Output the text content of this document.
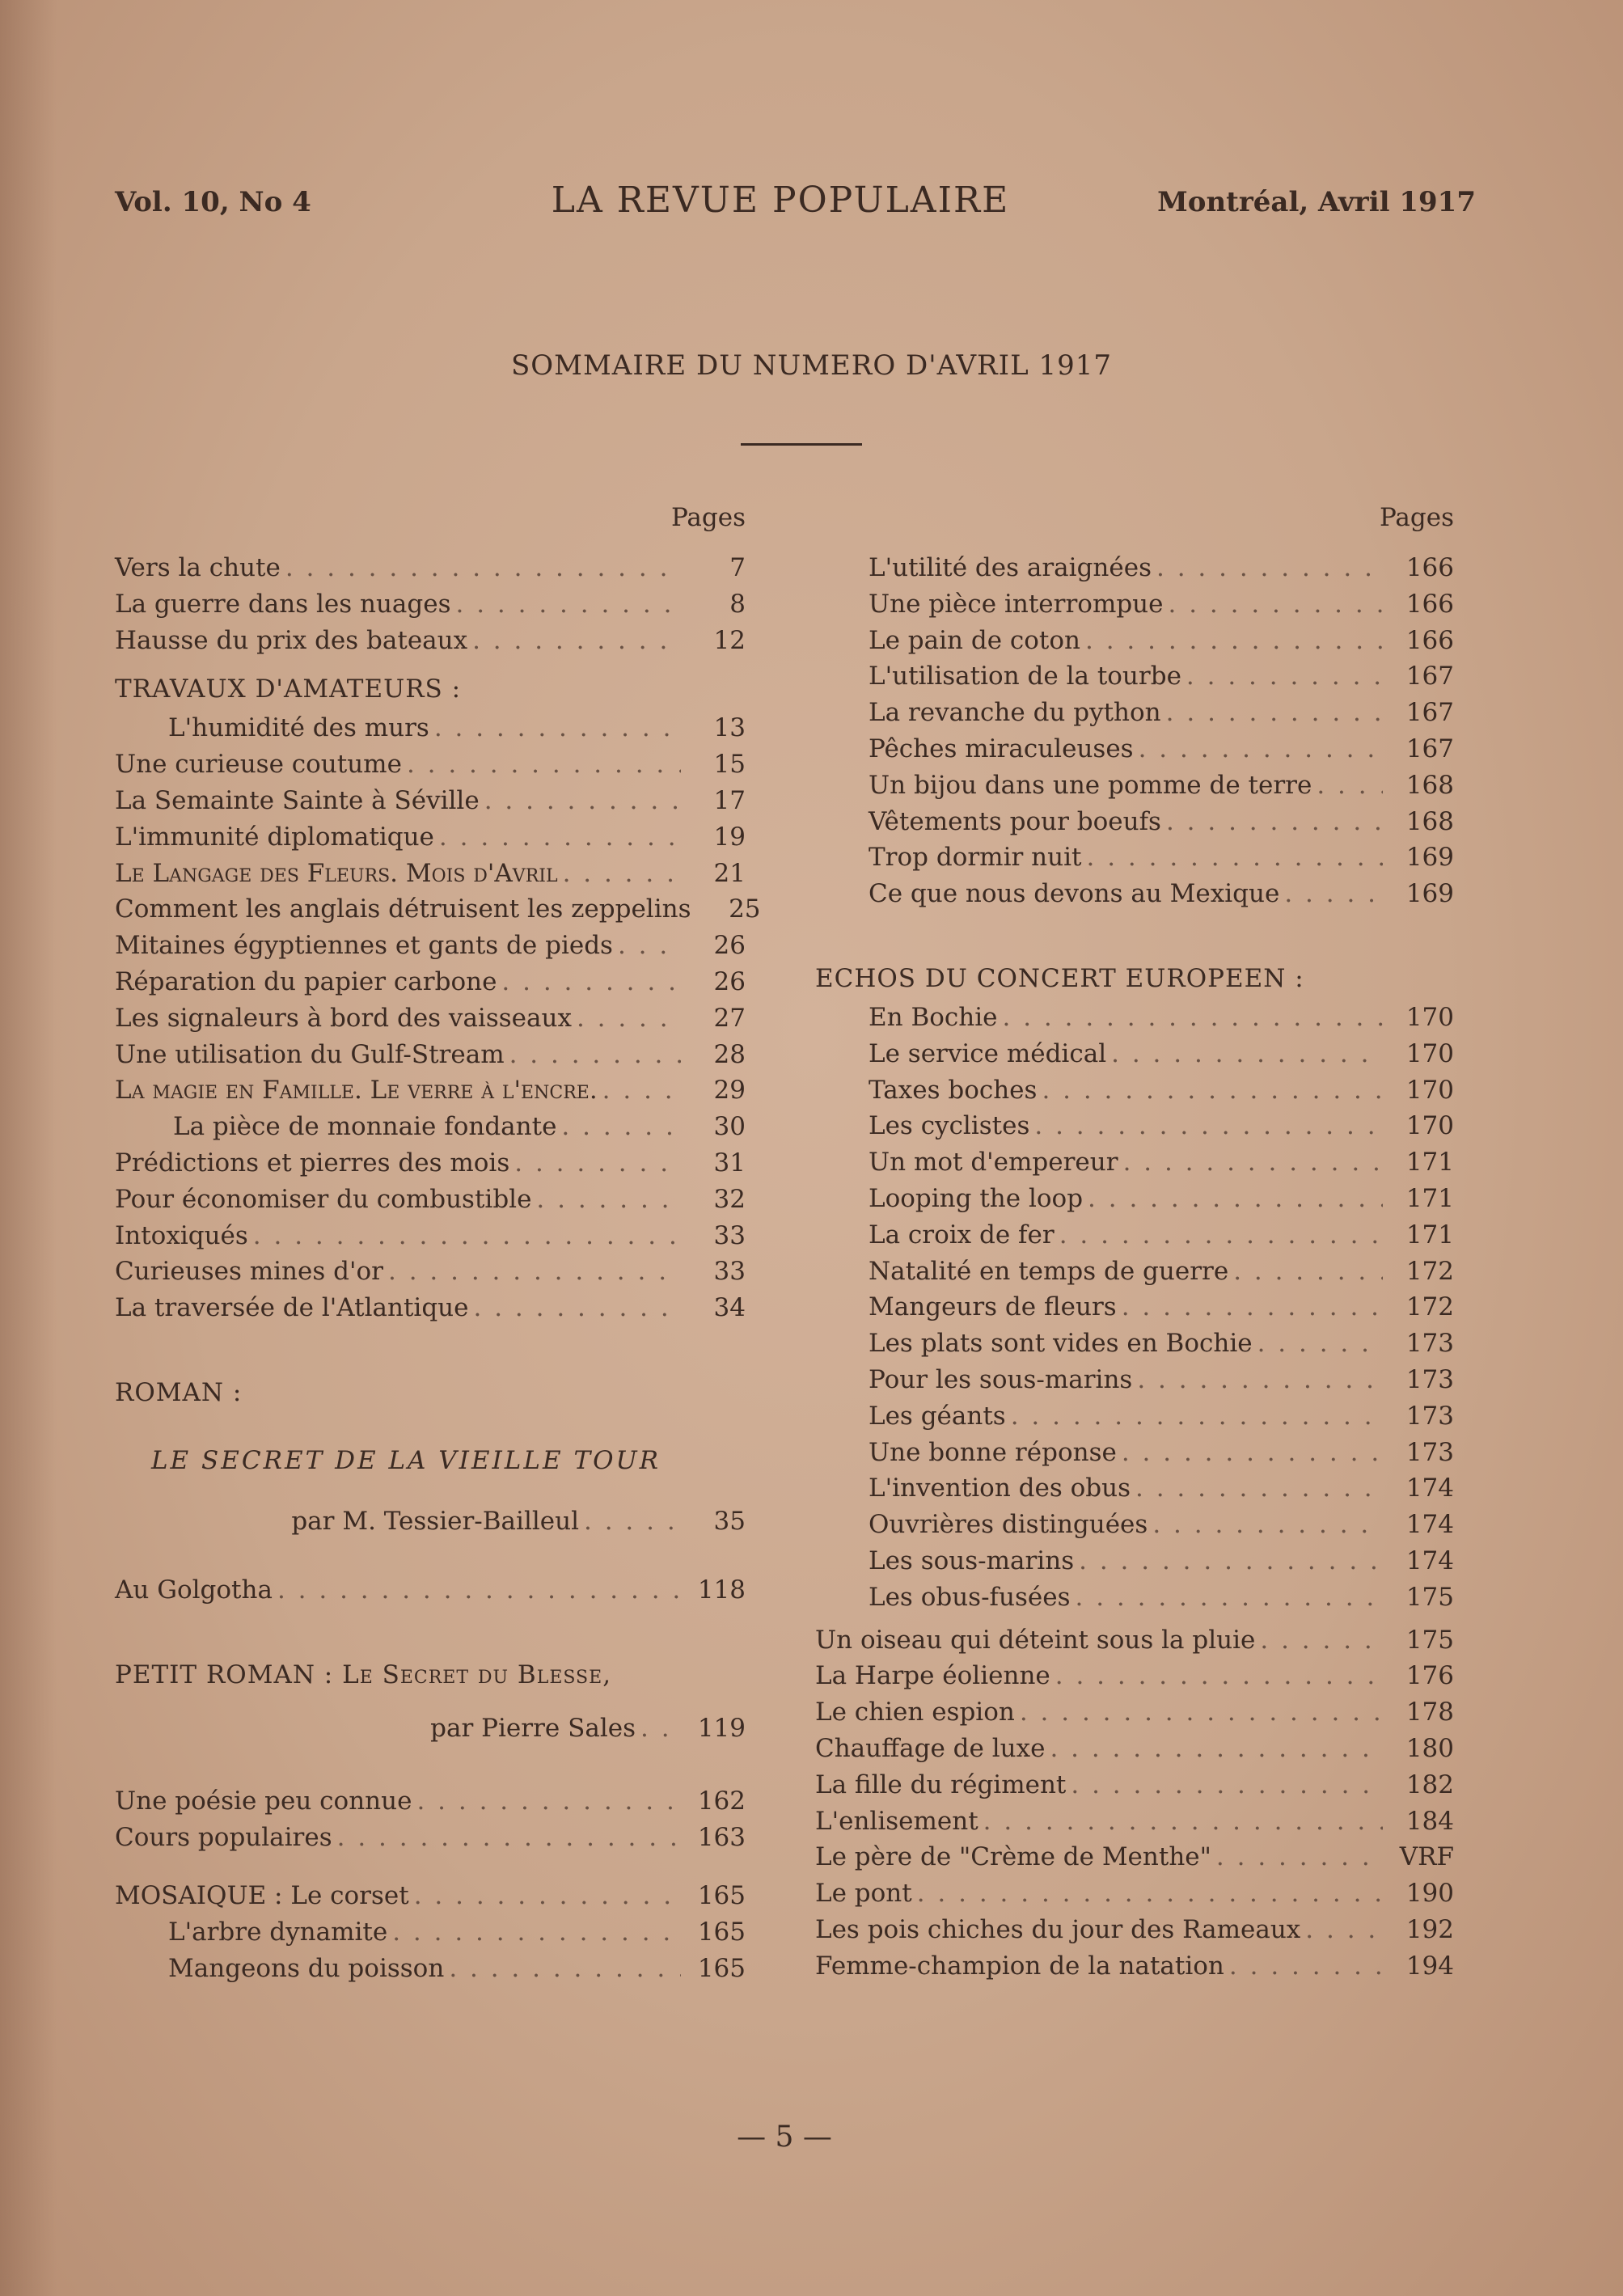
Vol. 10, No 4	LA REVUE POPULAIRE	Montréal, Avril 1917
SOMMAIRE DU NUMERO D'AVRIL 1917
Pages
Vers la chute . . .	7
La guerre dans les nuages . . .	8
Hausse du prix des bateaux . . .	12
TRAVAUX D'AMATEURS :
L'humidité des murs . . .	13
Une curieuse coutume . . .	15
La Semainte Sainte à Séville . . .	17
L'immunité diplomatique . . .	19
Le Langage des Fleurs. Mois d'Avril . . .	21
Comment les anglais détruisent les zeppelins . . .	25
Mitaines égyptiennes et gants de pieds . . .	26
Réparation du papier carbone . . .	26
Les signaleurs à bord des vaisseaux . . .	27
Une utilisation du Gulf-Stream . . .	28
La magie en Famille. Le verre à l'encre. . . .	29
La pièce de monnaie fondante . . .	30
Prédictions et pierres des mois . . .	31
Pour économiser du combustible . . .	32
Intoxiqués . . .	33
Curieuses mines d'or . . .	33
La traversée de l'Atlantique . . .	34
ROMAN :
LE SECRET DE LA VIEILLE TOUR
par M. Tessier-Bailleul . . .	35
Au Golgotha . . .	118
PETIT ROMAN : Le Secret du Blesse,
par Pierre Sales . . .	119
Une poésie peu connue . . .	162
Cours populaires . . .	163
MOSAIQUE : Le corset . . .	165
L'arbre dynamite . . .	165
Mangeons du poisson . . .	165
Pages
L'utilité des araignées . . .	166
Une pièce interrompue . . .	166
Le pain de coton . . .	166
L'utilisation de la tourbe . . .	167
La revanche du python . . .	167
Pêches miraculeuses . . .	167
Un bijou dans une pomme de terre . . .	168
Vêtements pour boeufs . . .	168
Trop dormir nuit . . .	169
Ce que nous devons au Mexique . . .	169
ECHOS DU CONCERT EUROPEEN :
En Bochie . . .	170
Le service médical . . .	170
Taxes boches . . .	170
Les cyclistes . . .	170
Un mot d'empereur . . .	171
Looping the loop . . .	171
La croix de fer . . .	171
Natalité en temps de guerre . . .	172
Mangeurs de fleurs . . .	172
Les plats sont vides en Bochie . . .	173
Pour les sous-marins . . .	173
Les géants . . .	173
Une bonne réponse . . .	173
L'invention des obus . . .	174
Ouvrières distinguées . . .	174
Les sous-marins . . .	174
Les obus-fusées . . .	175
Un oiseau qui déteint sous la pluie . . .	175
La Harpe éolienne . . .	176
Le chien espion . . .	178
Chauffage de luxe . . .	180
La fille du régiment . . .	182
L'enlisement . . .	184
Le père de "Crème de Menthe" . . .	VRF
Le pont . . .	190
Les pois chiches du jour des Rameaux . . .	192
Femme-champion de la natation . . .	194
— 5 —
